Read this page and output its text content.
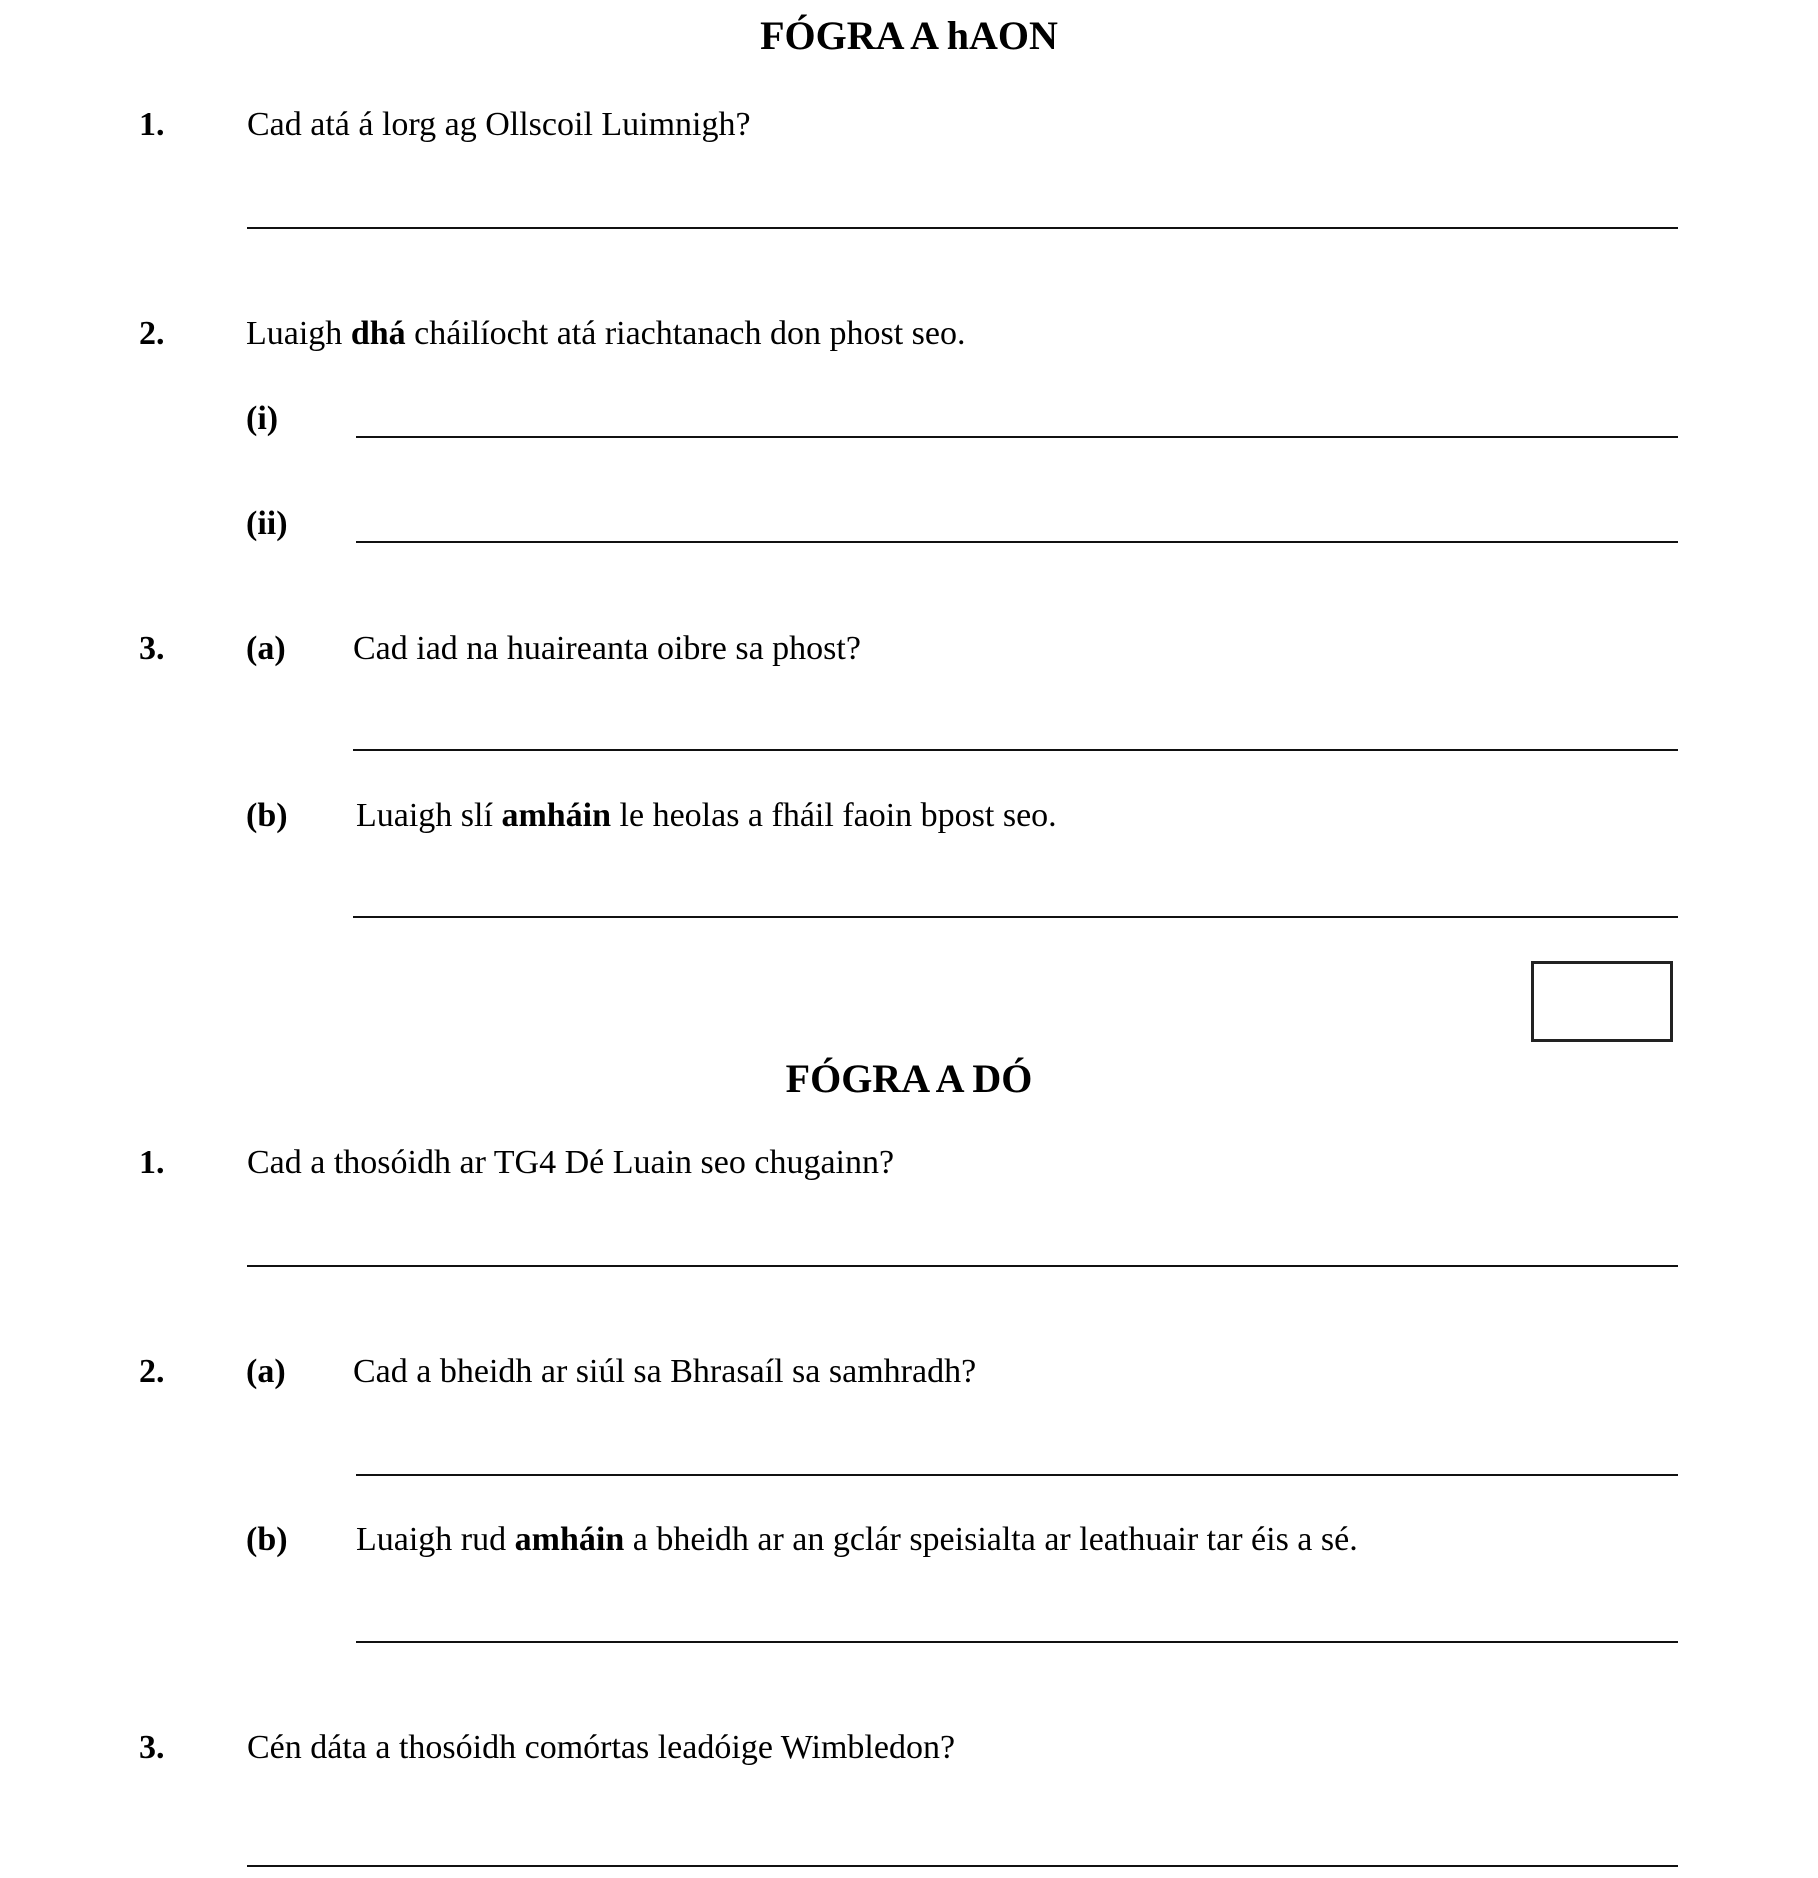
FÓGRA A hAON
1. Cad atá á lorg ag Ollscoil Luimnigh?
2. Luaigh dhá cháilíocht atá riachtanach don phost seo.
(i)
(ii)
3. (a) Cad iad na huaireanta oibre sa phost?
(b) Luaigh slí amháin le heolas a fháil faoin bpost seo.
FÓGRA A DÓ
1. Cad a thosóidh ar TG4 Dé Luain seo chugainn?
2. (a) Cad a bheidh ar siúl sa Bhrasaíl sa samhradh?
(b) Luaigh rud amháin a bheidh ar an gclár speisialta ar leathuair tar éis a sé.
3. Cén dáta a thosóidh comórtas leadóige Wimbledon?
